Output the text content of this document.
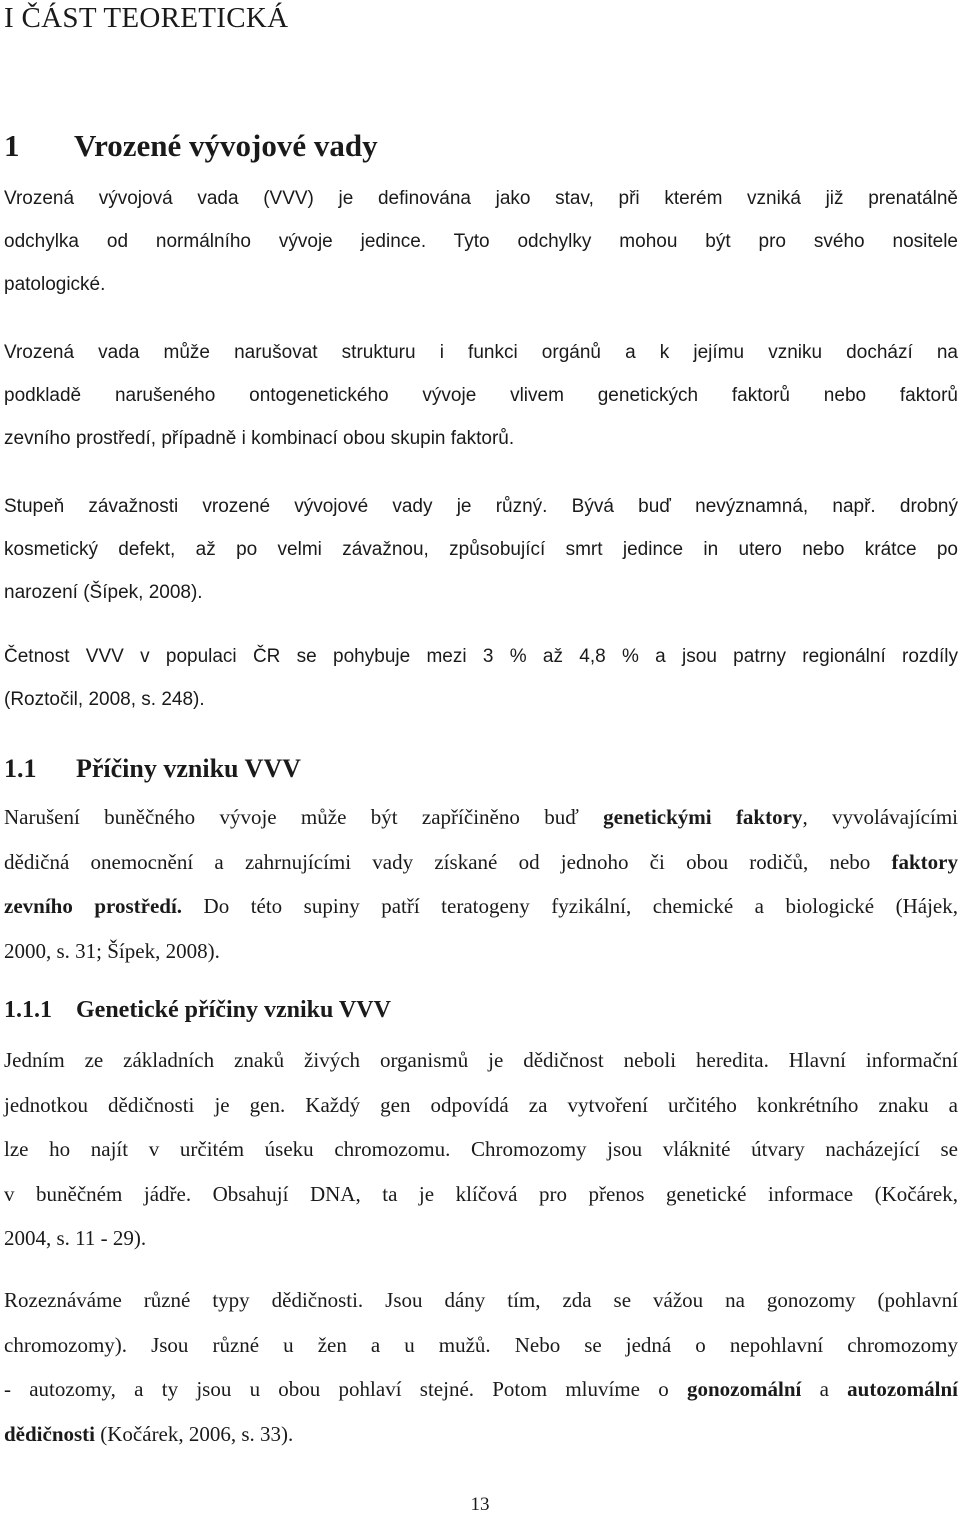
I ČÁST TEORETICKÁ
1 Vrozené vývojové vady
Vrozená vývojová vada (VVV) je definována jako stav, při kterém vzniká již prenatálně
odchylka od normálního vývoje jedince. Tyto odchylky mohou být pro svého nositele
patologické.
Vrozená vada může narušovat strukturu i funkci orgánů a k jejímu vzniku dochází na
podkladě narušeného ontogenetického vývoje vlivem genetických faktorů nebo faktorů
zevního prostředí, případně i kombinací obou skupin faktorů.
Stupeň závažnosti vrozené vývojové vady je různý. Bývá buď nevýznamná, např. drobný
kosmetický defekt, až po velmi závažnou, způsobující smrt jedince in utero nebo krátce po
narození (Šípek, 2008).
Četnost VVV v populaci ČR se pohybuje mezi 3 % až 4,8 % a jsou patrny regionální rozdíly
(Roztočil, 2008, s. 248).
1.1 Příčiny vzniku VVV
Narušení buněčného vývoje může být zapříčiněno buď genetickými faktory, vyvolávajícími
dědičná onemocnění a zahrnujícími vady získané od jednoho či obou rodičů, nebo faktory
zevního prostředí. Do této supiny patří teratogeny fyzikální, chemické a biologické (Hájek,
2000, s. 31; Šípek, 2008).
1.1.1 Genetické příčiny vzniku VVV
Jedním ze základních znaků živých organismů je dědičnost neboli heredita. Hlavní informační
jednotkou dědičnosti je gen. Každý gen odpovídá za vytvoření určitého konkrétního znaku a
lze ho najít v určitém úseku chromozomu. Chromozomy jsou vláknité útvary nacházející se
v buněčném jádře. Obsahují DNA, ta je klíčová pro přenos genetické informace (Kočárek,
2004, s. 11 - 29).
Rozeznáváme různé typy dědičnosti. Jsou dány tím, zda se vážou na gonozomy (pohlavní
chromozomy). Jsou různé u žen a u mužů. Nebo se jedná o nepohlavní chromozomy
- autozomy, a ty jsou u obou pohlaví stejné. Potom mluvíme o gonozomální a autozomální
dědičnosti (Kočárek, 2006, s. 33).
13
